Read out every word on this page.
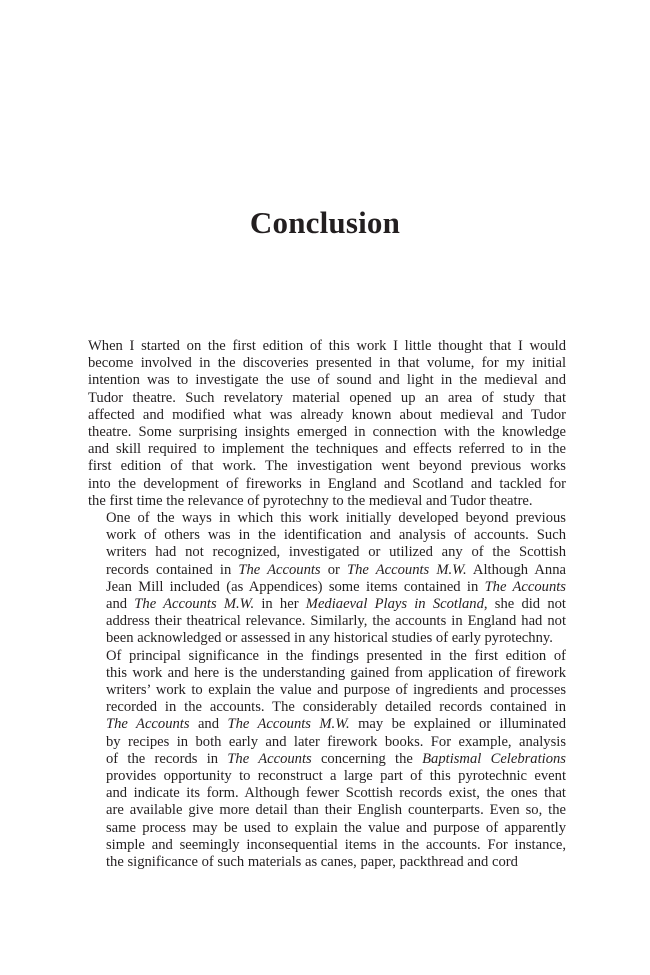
Conclusion

When I started on the first edition of this work I little thought that I would
become involved in the discoveries presented in that volume, for my initial
intention was to investigate the use of sound and light in the medieval and
Tudor theatre. Such revelatory material opened up an area of study that
affected and modified what was already known about medieval and Tudor
theatre. Some surprising insights emerged in connection with the knowledge
and skill required to implement the techniques and effects referred to in the
first edition of that work. The investigation went beyond previous works
into the development of fireworks in England and Scotland and tackled for
the first time the relevance of pyrotechny to the medieval and Tudor theatre.

One of the ways in which this work initially developed beyond previous
work of others was in the identification and analysis of accounts. Such
writers had not recognized, investigated or utilized any of the Scottish
records contained in The Accounts or The Accounts M.W. Although Anna
Jean Mill included (as Appendices) some items contained in The Accounts
and The Accounts M.W. in her Mediaeval Plays in Scotland, she did not
address their theatrical relevance. Similarly, the accounts in England had not
been acknowledged or assessed in any historical studies of early pyrotechny.

Of principal significance in the findings presented in the first edition of
this work and here is the understanding gained from application of firework
writers’ work to explain the value and purpose of ingredients and processes
recorded in the accounts. The considerably detailed records contained in
The Accounts and The Accounts M.W. may be explained or illuminated
by recipes in both early and later firework books. For example, analysis
of the records in The Accounts concerning the Baptismal Celebrations
provides opportunity to reconstruct a large part of this pyrotechnic event
and indicate its form. Although fewer Scottish records exist, the ones that
are available give more detail than their English counterparts. Even so, the
same process may be used to explain the value and purpose of apparently
simple and seemingly inconsequential items in the accounts. For instance,
the significance of such materials as canes, paper, packthread and cord
